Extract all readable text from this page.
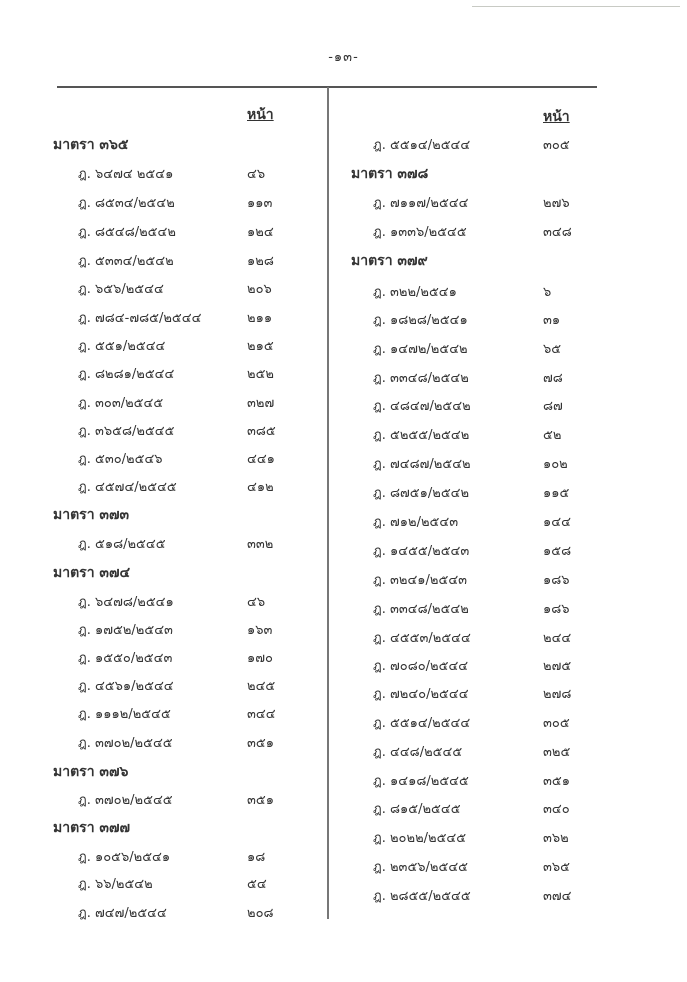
-๑๓-
หน้า	หน้า
มาตรา ๓๖๕
ฎ. ๖๔๗๔ ๒๕๔๑	๔๖
ฎ. ๘๕๓๔/๒๕๔๒	๑๑๓
ฎ. ๘๕๔๘/๒๕๔๒	๑๒๔
ฎ. ๕๓๓๔/๒๕๔๒	๑๒๘
ฎ. ๖๕๖/๒๕๔๔	๒๐๖
ฎ. ๗๘๔-๗๘๕/๒๕๔๔	๒๑๑
ฎ. ๕๕๑/๒๕๔๔	๒๑๕
ฎ. ๘๒๘๑/๒๕๔๔	๒๕๒
ฎ. ๓๐๓/๒๕๔๕	๓๒๗
ฎ. ๓๖๕๘/๒๕๔๕	๓๘๕
ฎ. ๕๓๐/๒๕๔๖	๔๔๑
ฎ. ๔๕๗๔/๒๕๔๕	๔๑๒
มาตรา ๓๗๓
ฎ. ๕๑๘/๒๕๔๕	๓๓๒
มาตรา ๓๗๔
ฎ. ๖๔๗๘/๒๕๔๑	๔๖
ฎ. ๑๗๕๒/๒๕๔๓	๑๖๓
ฎ. ๑๕๕๐/๒๕๔๓	๑๗๐
ฎ. ๔๕๖๑/๒๕๔๔	๒๔๕
ฎ. ๑๑๑๒/๒๕๔๕	๓๔๔
ฎ. ๓๗๐๒/๒๕๔๕	๓๕๑
มาตรา ๓๗๖
ฎ. ๓๗๐๒/๒๕๔๕	๓๕๑
มาตรา ๓๗๗
ฎ. ๑๐๕๖/๒๕๔๑	๑๘
ฎ. ๖๖/๒๕๔๒	๕๔
ฎ. ๗๔๗/๒๕๔๔	๒๐๘
ฎ. ๕๕๑๔/๒๕๔๔	๓๐๕
มาตรา ๓๗๘
ฎ. ๗๑๑๗/๒๕๔๔	๒๗๖
ฎ. ๑๓๓๖/๒๕๔๕	๓๔๘
มาตรา ๓๗๙
ฎ. ๓๒๒/๒๕๔๑	๖
ฎ. ๑๘๒๘/๒๕๔๑	๓๑
ฎ. ๑๔๗๒/๒๕๔๒	๖๕
ฎ. ๓๓๔๘/๒๕๔๒	๗๘
ฎ. ๔๘๔๗/๒๕๔๒	๘๗
ฎ. ๕๒๕๕/๒๕๔๒	๕๒
ฎ. ๗๔๘๗/๒๕๔๒	๑๐๒
ฎ. ๘๗๕๑/๒๕๔๒	๑๑๕
ฎ. ๗๑๒/๒๕๔๓	๑๔๔
ฎ. ๑๔๕๕/๒๕๔๓	๑๕๘
ฎ. ๓๒๔๑/๒๕๔๓	๑๘๖
ฎ. ๓๓๔๘/๒๕๔๒	๑๘๖
ฎ. ๔๕๕๓/๒๕๔๔	๒๔๔
ฎ. ๗๐๘๐/๒๕๔๔	๒๗๕
ฎ. ๗๒๔๐/๒๕๔๔	๒๗๘
ฎ. ๕๕๑๔/๒๕๔๔	๓๐๕
ฎ. ๔๔๘/๒๕๔๕	๓๒๕
ฎ. ๑๔๑๘/๒๕๔๕	๓๕๑
ฎ. ๘๑๕/๒๕๔๕	๓๔๐
ฎ. ๒๐๒๒/๒๕๔๕	๓๖๒
ฎ. ๒๓๕๖/๒๕๔๕	๓๖๕
ฎ. ๒๘๕๕/๒๕๔๕	๓๗๔
